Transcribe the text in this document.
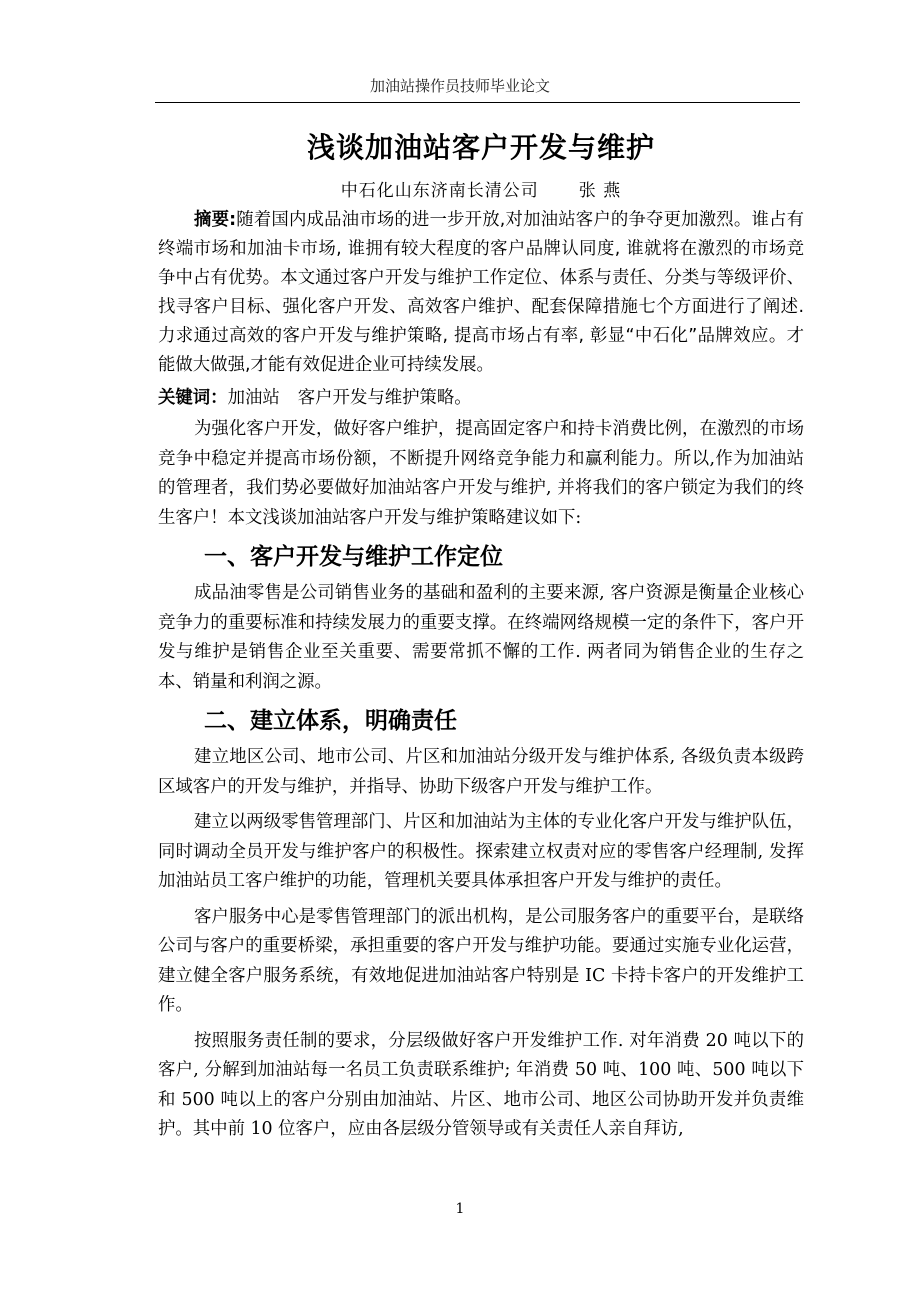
加油站操作员技师毕业论文
浅谈加油站客户开发与维护
中石化山东济南长清公司 张 燕

摘要:随着国内成品油市场的进一步开放,对加油站客户的争夺更加激烈。谁占有终端市场和加油卡市场, 谁拥有较大程度的客户品牌认同度, 谁就将在激烈的市场竞争中占有优势。本文通过客户开发与维护工作定位、体系与责任、分类与等级评价、找寻客户目标、强化客户开发、高效客户维护、配套保障措施七个方面进行了阐述.力求通过高效的客户开发与维护策略, 提高市场占有率, 彰显“中石化”品牌效应。才能做大做强,才能有效促进企业可持续发展。

关键词：加油站 客户开发与维护策略。

为强化客户开发，做好客户维护，提高固定客户和持卡消费比例，在激烈的市场竞争中稳定并提高市场份额，不断提升网络竞争能力和赢利能力。所以,作为加油站的管理者，我们势必要做好加油站客户开发与维护, 并将我们的客户锁定为我们的终生客户！本文浅谈加油站客户开发与维护策略建议如下:

一、客户开发与维护工作定位

成品油零售是公司销售业务的基础和盈利的主要来源, 客户资源是衡量企业核心竞争力的重要标准和持续发展力的重要支撑。在终端网络规模一定的条件下，客户开发与维护是销售企业至关重要、需要常抓不懈的工作. 两者同为销售企业的生存之本、销量和利润之源。

二、建立体系，明确责任

建立地区公司、地市公司、片区和加油站分级开发与维护体系, 各级负责本级跨区域客户的开发与维护，并指导、协助下级客户开发与维护工作。

建立以两级零售管理部门、片区和加油站为主体的专业化客户开发与维护队伍，同时调动全员开发与维护客户的积极性。探索建立权责对应的零售客户经理制, 发挥加油站员工客户维护的功能，管理机关要具体承担客户开发与维护的责任。

客户服务中心是零售管理部门的派出机构，是公司服务客户的重要平台，是联络公司与客户的重要桥梁，承担重要的客户开发与维护功能。要通过实施专业化运营，建立健全客户服务系统，有效地促进加油站客户特别是 IC 卡持卡客户的开发维护工作。

按照服务责任制的要求，分层级做好客户开发维护工作. 对年消费 20 吨以下的客户, 分解到加油站每一名员工负责联系维护; 年消费 50 吨、100 吨、500 吨以下和 500 吨以上的客户分别由加油站、片区、地市公司、地区公司协助开发并负责维护。其中前 10 位客户，应由各层级分管领导或有关责任人亲自拜访,

1
